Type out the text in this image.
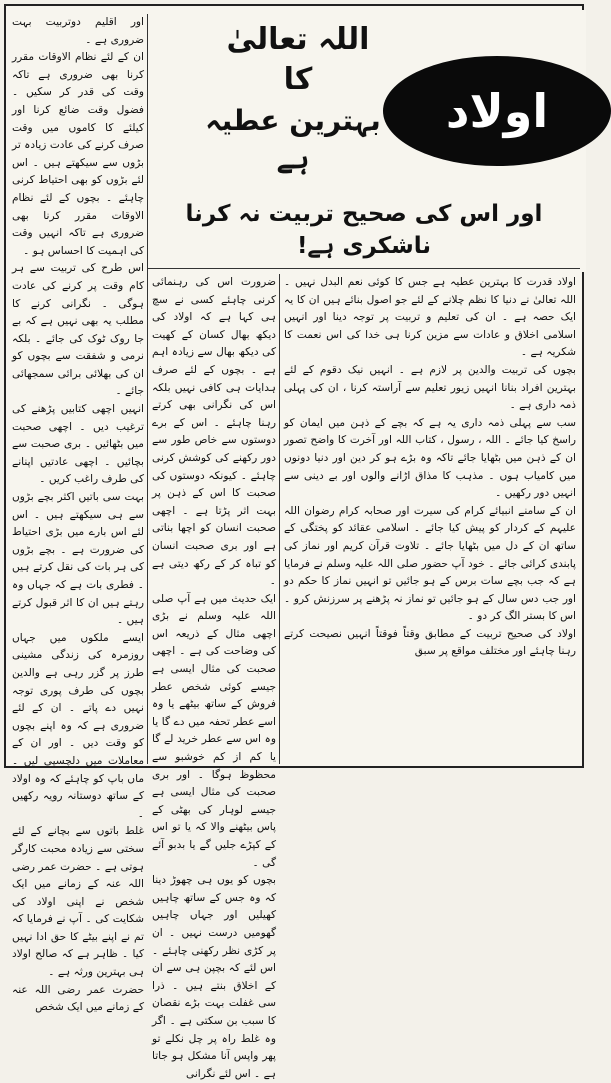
اور اقلیم دوتربیت بہت ضروری ہے ۔

ان کے لئے نظام الاوقات مقرر کرنا بھی ضروری ہے تاکہ وقت کی قدر کر سکیں ۔ فضول وقت ضائع کرنا اور کیلئے کا کاموں میں وقت صرف کرنے کی عادت زیادہ تر بڑوں سے سیکھتے ہیں ۔ اس لئے بڑوں کو بھی احتیاط کرنی چاہئے ۔ بچوں کے لئے نظام الاوقات مقرر کرنا بھی ضروری ہے تاکہ انہیں وقت کی اہمیت کا احساس ہو ۔

اس طرح کی تربیت سے ہر کام وقت پر کرنے کی عادت ہوگی ۔ نگرانی کرنے کا مطلب یہ بھی نہیں ہے کہ بے جا روک ٹوک کی جائے ۔ بلکہ نرمی و شفقت سے بچوں کو ان کی بھلائی برائی سمجھائی جائے ۔

انہیں اچھی کتابیں پڑھنے کی ترغیب دیں ۔ اچھی صحبت میں بٹھائیں ۔ بری صحبت سے بچائیں ۔ اچھی عادتیں اپنانے کی طرف راغب کریں ۔

بہت سی باتیں اکثر بچے بڑوں سے ہی سیکھتے ہیں ۔ اس لئے اس بارے میں بڑی احتیاط کی ضرورت ہے ۔ بچے بڑوں کی ہر بات کی نقل کرتے ہیں ۔ فطری بات ہے کہ جہاں وہ رہتے ہیں ان کا اثر قبول کرتے ہیں ۔

ایسے ملکوں میں جہاں روزمرہ کی زندگی مشینی طرز پر گزر رہی ہے والدین بچوں کی طرف پوری توجہ نہیں دے پاتے ۔ ان کے لئے ضروری ہے کہ وہ اپنے بچوں کو وقت دیں ۔ اور ان کے معاملات میں دلچسپی لیں ۔ ماں باپ کو چاہئے کہ وہ اولاد کے ساتھ دوستانہ رویہ رکھیں ۔

غلط باتوں سے بچانے کے لئے سختی سے زیادہ محبت کارگر ہوتی ہے ۔ حضرت عمر رضی اللہ عنہ کے زمانے میں ایک شخص نے اپنی اولاد کی شکایت کی ۔ آپ نے فرمایا کہ تم نے اپنے بیٹے کا حق ادا نہیں کیا ۔ ظاہر ہے کہ صالح اولاد ہی بہترین ورثہ ہے ۔

حضرت عمر رضی اللہ عنہ کے زمانے میں ایک شخص

اللہ تعالیٰ کا
بہترین عطیہ ہے
اولاد
اور اس کی صحیح تربیت نہ کرنا ناشکری ہے!

ضرورت اس کی رہنمائی کرنی چاہئے کسی نے سچ ہی کہا ہے کہ اولاد کی دیکھ بھال کسان کے کھیت کی دیکھ بھال سے زیادہ اہم ہے ۔ بچوں کے لئے صرف ہدایات ہی کافی نہیں بلکہ اس کی نگرانی بھی کرتے رہنا چاہئے ۔ اس کے برے دوستوں سے خاص طور سے دور رکھنے کی کوشش کرنی چاہئے ۔ کیونکہ دوستوں کی صحبت کا اس کے ذہن پر بہت اثر پڑتا ہے ۔ اچھی صحبت انسان کو اچھا بناتی ہے اور بری صحبت انسان کو تباہ کر کے رکھ دیتی ہے ۔

ایک حدیث میں ہے آپ صلی اللہ علیہ وسلم نے بڑی اچھی مثال کے ذریعہ اس کی وضاحت کی ہے ۔ اچھی صحبت کی مثال ایسی ہے جیسے کوئی شخص عطر فروش کے ساتھ بیٹھے یا وہ اسے عطر تحفہ میں دے گا یا وہ اس سے عطر خرید لے گا یا کم از کم خوشبو سے محظوظ ہوگا ۔ اور بری صحبت کی مثال ایسی ہے جیسے لوہار کی بھٹی کے پاس بیٹھنے والا کہ یا تو اس کے کپڑے جلیں گے یا بدبو آئے گی ۔

بچوں کو یوں ہی چھوڑ دینا کہ وہ جس کے ساتھ چاہیں کھیلیں اور جہاں چاہیں گھومیں درست نہیں ۔ ان پر کڑی نظر رکھنی چاہئے ۔ اس لئے کہ بچپن ہی سے ان کے اخلاق بنتے ہیں ۔ ذرا سی غفلت بہت بڑے نقصان کا سبب بن سکتی ہے ۔ اگر وہ غلط راہ پر چل نکلے تو پھر واپس آنا مشکل ہو جاتا ہے ۔ اس لئے نگرانی

اولاد قدرت کا بہترین عطیہ ہے جس کا کوئی نعم البدل نہیں ۔ اللہ تعالیٰ نے دنیا کا نظم چلانے کے لئے جو اصول بنائے ہیں ان کا یہ ایک حصہ ہے ۔ ان کی تعلیم و تربیت پر توجہ دینا اور انہیں اسلامی اخلاق و عادات سے مزین کرنا ہی خدا کی اس نعمت کا شکریہ ہے ۔

بچوں کی تربیت والدین پر لازم ہے ۔ انہیں نیک دقوم کے لئے بہترین افراد بنانا انہیں زیور تعلیم سے آراستہ کرنا ، ان کی پہلی ذمہ داری ہے ۔

سب سے پہلی ذمہ داری یہ ہے کہ بچے کے ذہن میں ایمان کو راسخ کیا جائے ۔ اللہ ، رسول ، کتاب اللہ اور آخرت کا واضح تصور ان کے ذہن میں بٹھایا جائے تاکہ وہ بڑے ہو کر دین اور دنیا دونوں میں کامیاب ہوں ۔ مذہب کا مذاق اڑانے والوں اور بے دینی سے انہیں دور رکھیں ۔

ان کے سامنے انبیائے کرام کی سیرت اور صحابہ کرام رضوان اللہ علیہم کے کردار کو پیش کیا جائے ۔ اسلامی عقائد کو پختگی کے ساتھ ان کے دل میں بٹھایا جائے ۔ تلاوت قرآن کریم اور نماز کی پابندی کرائی جائے ۔ خود آپ حضور صلی اللہ علیہ وسلم نے فرمایا ہے کہ جب بچے سات برس کے ہو جائیں تو انہیں نماز کا حکم دو اور جب دس سال کے ہو جائیں تو نماز نہ پڑھنے پر سرزنش کرو ۔ اس کا بستر الگ کر دو ۔

اولاد کی صحیح تربیت کے مطابق وقتاً فوقتاً انہیں نصیحت کرتے رہنا چاہئے اور مختلف مواقع پر سبق
